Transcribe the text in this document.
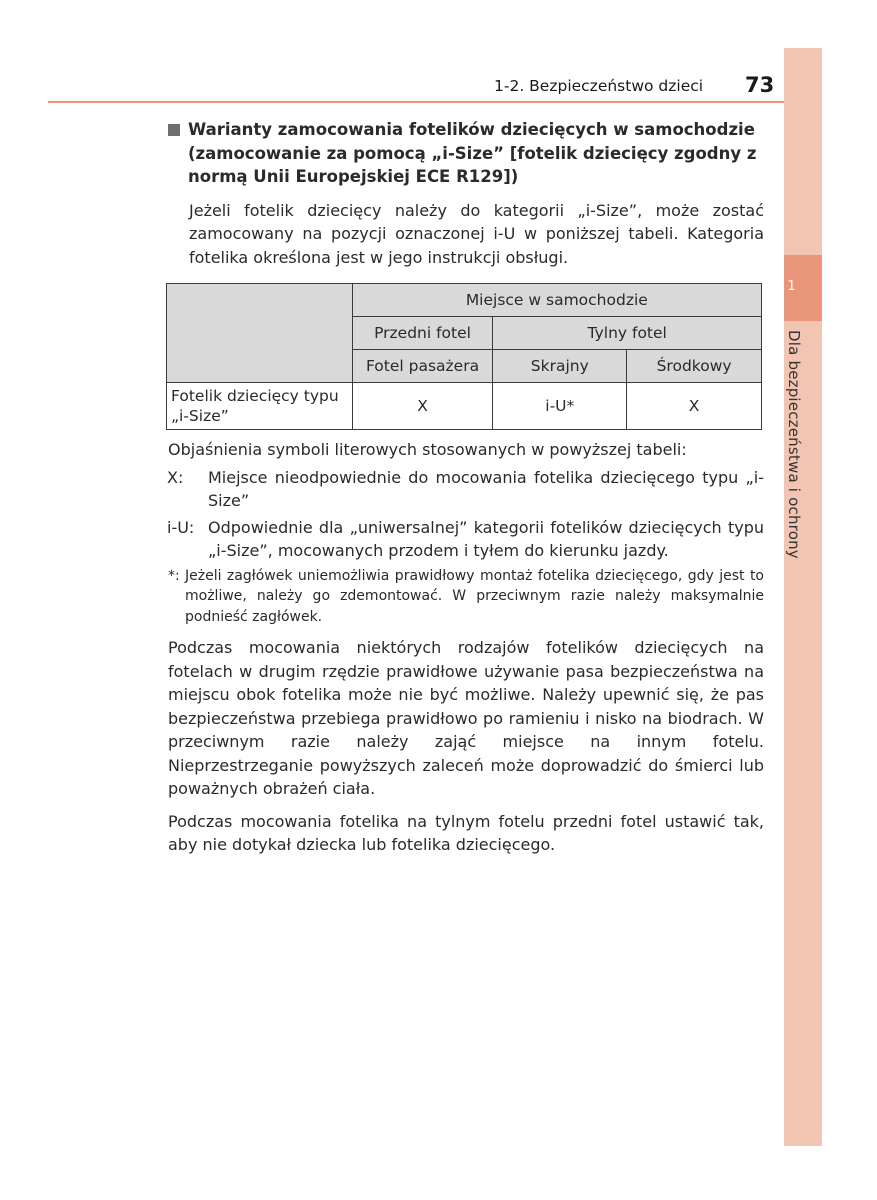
1
Dla bezpieczeństwa i ochrony
1-2. Bezpieczeństwo dzieci 73
Warianty zamocowania fotelików dziecięcych w samochodzie (zamocowanie za pomocą „i-Size” [fotelik dziecięcy zgodny z normą Unii Europejskiej ECE R129])
Jeżeli fotelik dziecięcy należy do kategorii „i-Size”, może zostać zamocowany na pozycji oznaczonej i-U w poniższej tabeli. Kategoria fotelika określona jest w jego instrukcji obsługi.
	Miejsce w samochodzie		
	Przedni fotel	Tylny fotel	
	Fotel pasażera	Skrajny	Środkowy
Fotelik dziecięcy typu „i-Size”	X	i-U*	X
Objaśnienia symboli literowych stosowanych w powyższej tabeli:
X: Miejsce nieodpowiednie do mocowania fotelika dziecięcego typu „i-Size”
i-U: Odpowiednie dla „uniwersalnej” kategorii fotelików dziecięcych typu „i-Size”, mocowanych przodem i tyłem do kierunku jazdy.
*: Jeżeli zagłówek uniemożliwia prawidłowy montaż fotelika dziecięcego, gdy jest to możliwe, należy go zdemontować. W przeciwnym razie należy maksymalnie podnieść zagłówek.
Podczas mocowania niektórych rodzajów fotelików dziecięcych na fotelach w drugim rzędzie prawidłowe używanie pasa bezpieczeństwa na miejscu obok fotelika może nie być możliwe. Należy upewnić się, że pas bezpieczeństwa przebiega prawidłowo po ramieniu i nisko na biodrach. W przeciwnym razie należy zająć miejsce na innym fotelu. Nieprzestrzeganie powyższych zaleceń może doprowadzić do śmierci lub poważnych obrażeń ciała.
Podczas mocowania fotelika na tylnym fotelu przedni fotel ustawić tak, aby nie dotykał dziecka lub fotelika dziecięcego.
